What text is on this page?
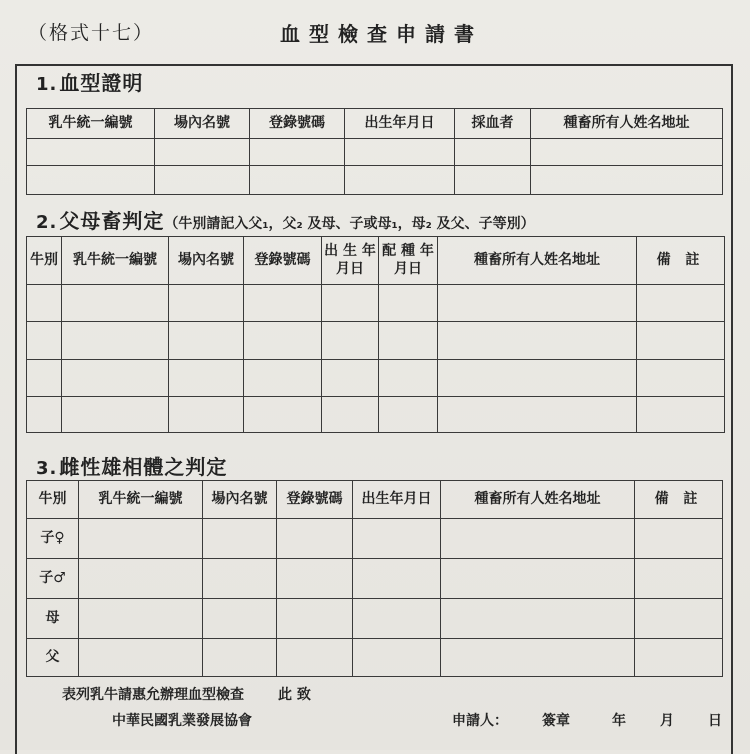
（格式十七）	血型檢查申請書
1. 血型證明
乳牛統一編號	場內名號	登錄號碼	出生年月日	採血者	種畜所有人姓名地址

2. 父母畜判定（牛別請記入父₁，父₂ 及母、子或母₁，母₂ 及父、子等別）
牛別	乳牛統一編號	場內名號	登錄號碼	出 生 年月日	配 種 年月日	種畜所有人姓名地址	備 註

3. 雌性雄相體之判定
牛別	乳牛統一編號	場內名號	登錄號碼	出生年月日	種畜所有人姓名地址	備 註
子♀						
子♂						
母						
父						
表列乳牛請惠允辦理血型檢查 此 致
中華民國乳業發展協會	申請人： 簽章	年 月 日
